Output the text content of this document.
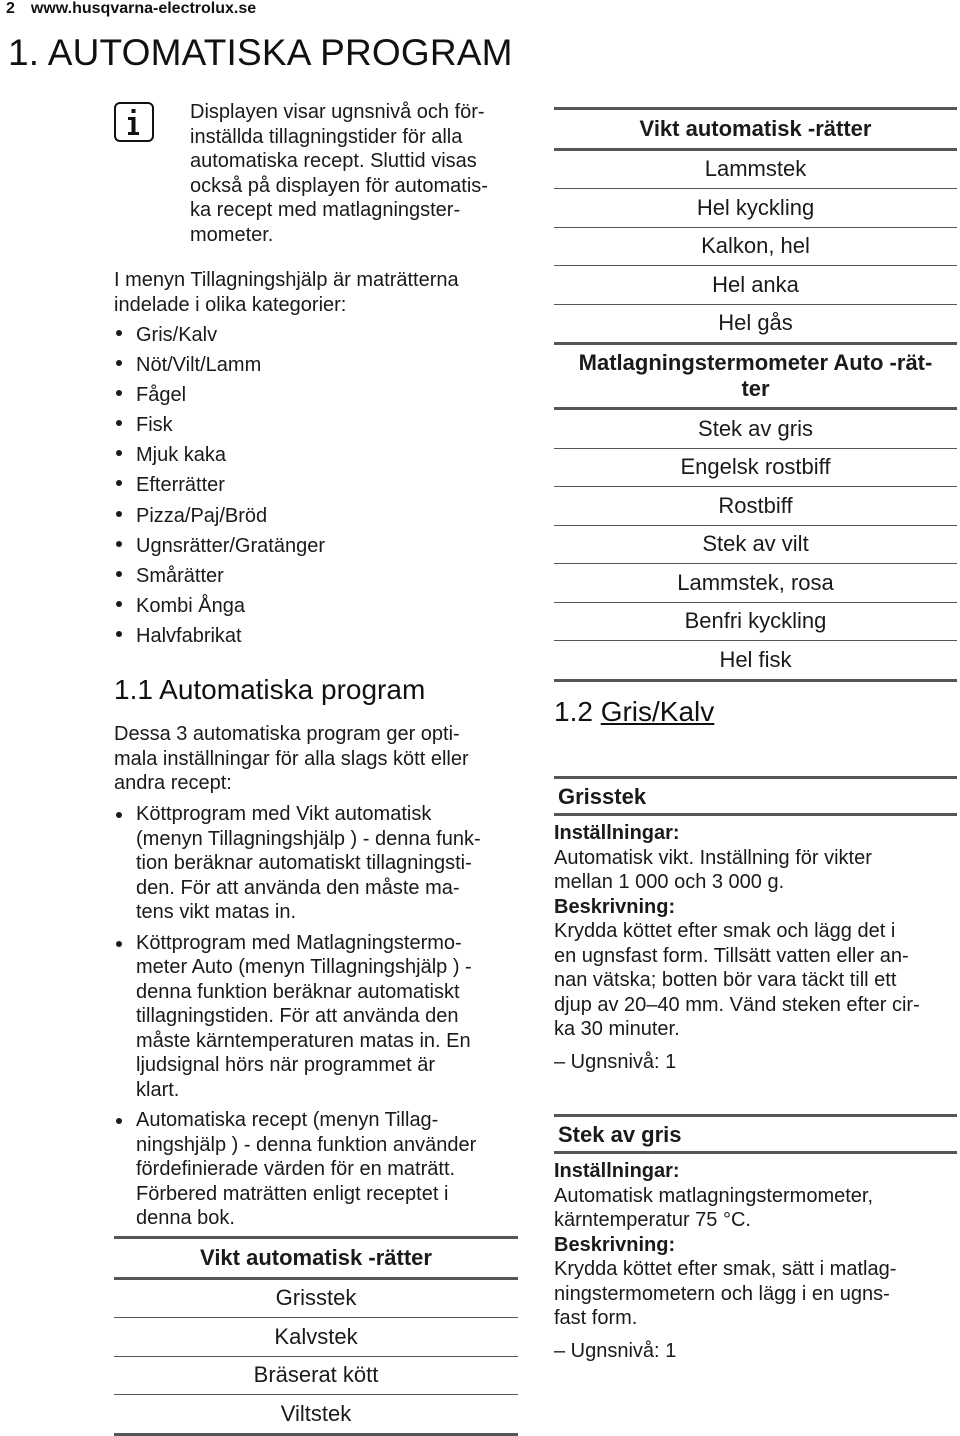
2 www.husqvarna-electrolux.se
1. AUTOMATISKA PROGRAM
Displayen visar ugnsnivå och för-
inställda tillagningstider för alla
automatiska recept. Sluttid visas
också på displayen för automatis-
ka recept med matlagningster-
mometer.
I menyn Tillagningshjälp är maträtterna
indelade i olika kategorier:
Gris/Kalv
Nöt/Vilt/Lamm
Fågel
Fisk
Mjuk kaka
Efterrätter
Pizza/Paj/Bröd
Ugnsrätter/Gratänger
Smårätter
Kombi Ånga
Halvfabrikat
1.1 Automatiska program
Dessa 3 automatiska program ger opti-
mala inställningar för alla slags kött eller
andra recept:
Köttprogram med Vikt automatisk
(menyn Tillagningshjälp ) - denna funk-
tion beräknar automatiskt tillagningsti-
den. För att använda den måste ma-
tens vikt matas in.
Köttprogram med Matlagningstermo-
meter Auto (menyn Tillagningshjälp ) -
denna funktion beräknar automatiskt
tillagningstiden. För att använda den
måste kärntemperaturen matas in. En
ljudsignal hörs när programmet är
klart.
Automatiska recept (menyn Tillag-
ningshjälp ) - denna funktion använder
fördefinierade värden för en maträtt.
Förbered maträtten enligt receptet i
denna bok.
Vikt automatisk -rätter
Grisstek
Kalvstek
Bräserat kött
Viltstek
Vikt automatisk -rätter
Lammstek
Hel kyckling
Kalkon, hel
Hel anka
Hel gås

Matlagningstermometer Auto -rät-
ter

Stek av gris
Engelsk rostbiff
Rostbiff
Stek av vilt
Lammstek, rosa
Benfri kyckling
Hel fisk
1.2 Gris/Kalv
Grisstek
Inställningar:
Automatisk vikt. Inställning för vikter
mellan 1 000 och 3 000 g.
Beskrivning:
Krydda köttet efter smak och lägg det i
en ugnsfast form. Tillsätt vatten eller an-
nan vätska; botten bör vara täckt till ett
djup av 20–40 mm. Vänd steken efter cir-
ka 30 minuter.
– Ugnsnivå: 1
Stek av gris
Inställningar:
Automatisk matlagningstermometer,
kärntemperatur 75 °C.
Beskrivning:
Krydda köttet efter smak, sätt i matlag-
ningstermometern och lägg i en ugns-
fast form.
– Ugnsnivå: 1
